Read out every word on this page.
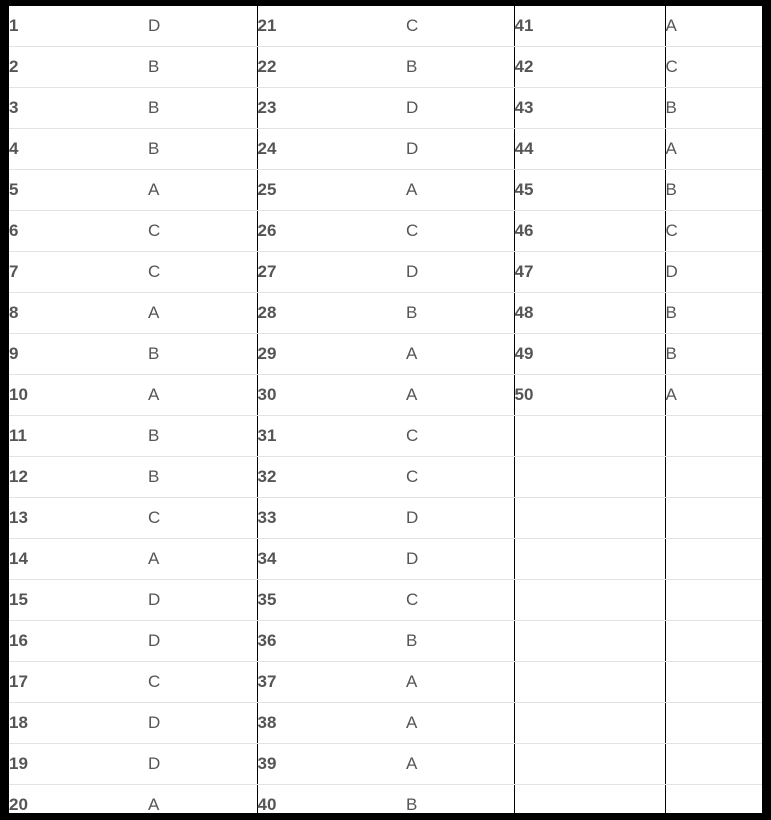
1	D	21	C	41	A
2	B	22	B	42	C
3	B	23	D	43	B
4	B	24	D	44	A
5	A	25	A	45	B
6	C	26	C	46	C
7	C	27	D	47	D
8	A	28	B	48	B
9	B	29	A	49	B
10	A	30	A	50	A
11	B	31	C		
12	B	32	C		
13	C	33	D		
14	A	34	D		
15	D	35	C		
16	D	36	B		
17	C	37	A		
18	D	38	A		
19	D	39	A		
20	A	40	B		
